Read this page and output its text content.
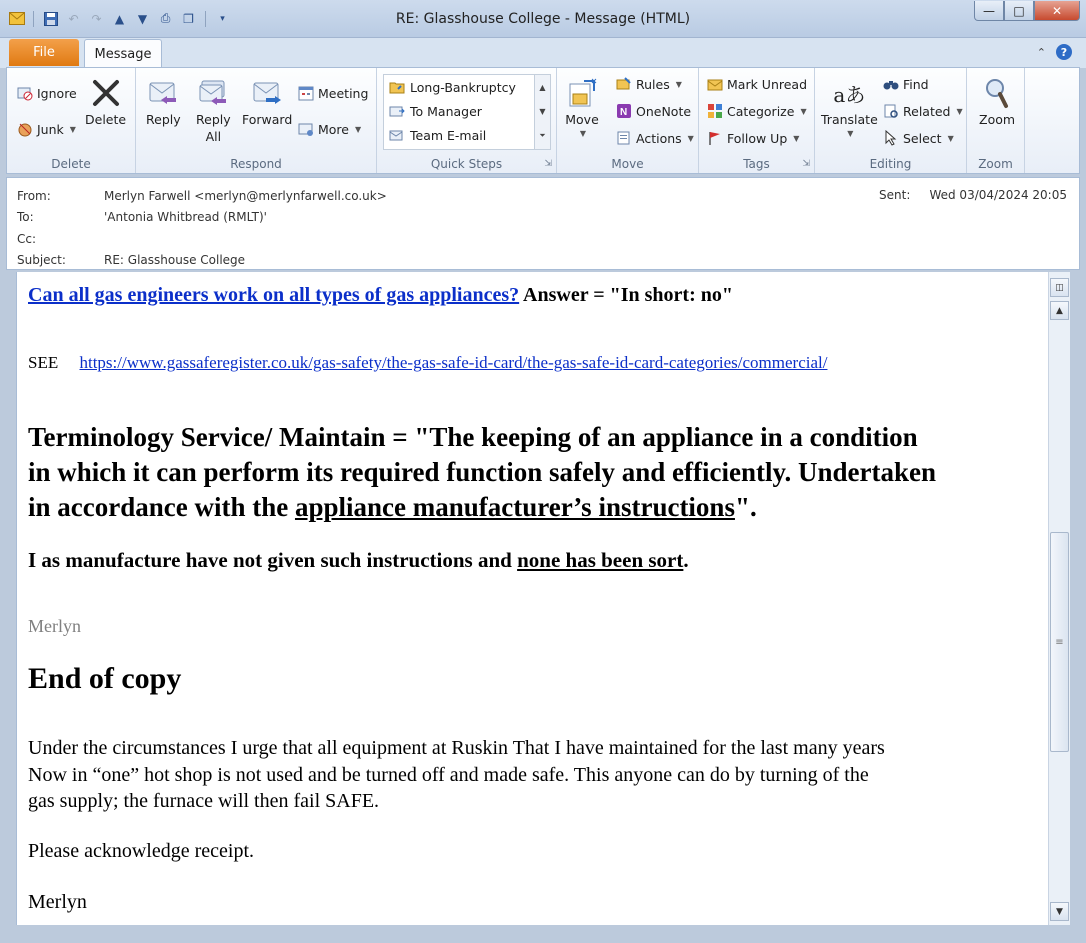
↶ ↷	▲	▼	⎙	❐	▾	RE: Glasshouse College - Message (HTML)
—	□	✕
File	Message	⌃	?
Ignore
Junk ▼
Delete
Delete
Reply Reply
All
Forward
Meeting
More ▼
Respond
Long-Bankruptcy
To Manager
Team E-mail
▲
▼
⏷
Quick Steps	⇲
Move
▼
Rules ▼
N OneNote
Actions ▼
Move
Mark Unread
Categorize ▼
Follow Up ▼
Tags	⇲
aあ
Translate
▼
Find
Related ▼
Select ▼
Editing
Zoom
Zoom
From:	Merlyn Farwell <merlyn@merlynfarwell.co.uk>
To:	'Antonia Whitbread (RMLT)'
Cc:
Subject:	RE: Glasshouse College
Sent: Wed 03/04/2024 20:05
Can all gas engineers work on all types of gas appliances? Answer = "In short: no"
SEE https://www.gassaferegister.co.uk/gas-safety/the-gas-safe-id-card/the-gas-safe-id-card-categories/commercial/
Terminology Service/ Maintain = "The keeping of an appliance in a condition
in which it can perform its required function safely and efficiently. Undertaken
in accordance with the appliance manufacturer’s instructions".
I as manufacture have not given such instructions and none has been sort.
Merlyn
End of copy
Under the circumstances I urge that all equipment at Ruskin That I have maintained for the last many years
Now in “one” hot shop is not used and be turned off and made safe. This anyone can do by turning of the
gas supply; the furnace will then fail SAFE.
Please acknowledge receipt.
Merlyn
◫
▲
≡
▼
